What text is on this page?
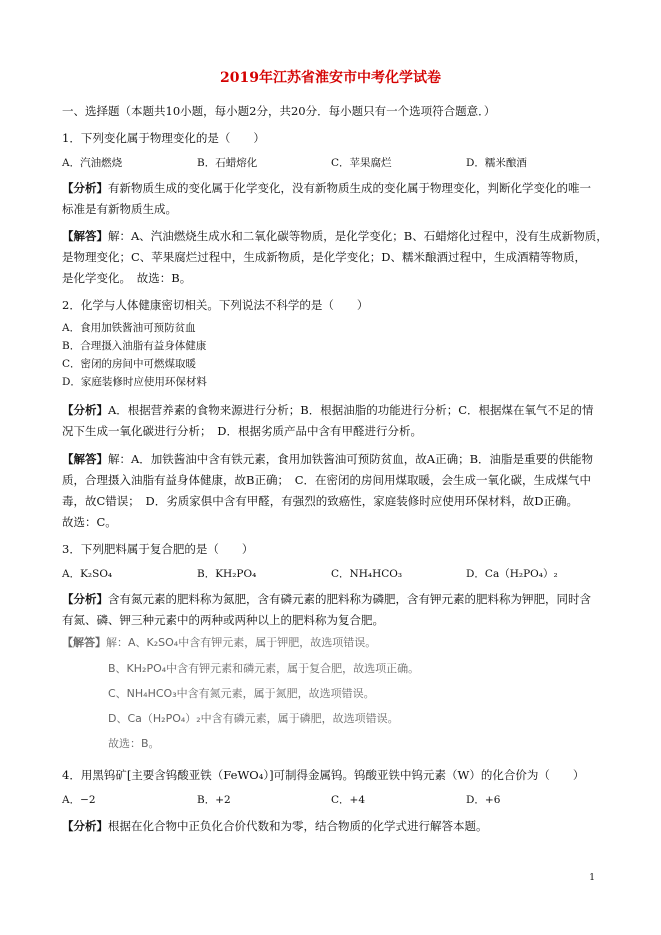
2019年江苏省淮安市中考化学试卷
一、选择题（本题共10小题，每小题2分，共20分．每小题只有一个选项符合题意．）
1．下列变化属于物理变化的是（　　）
A．汽油燃烧	B．石蜡熔化	C．苹果腐烂	D．糯米酿酒
【分析】有新物质生成的变化属于化学变化，没有新物质生成的变化属于物理变化，判断化学变化的唯一
标准是有新物质生成。
【解答】解：A、汽油燃烧生成水和二氧化碳等物质，是化学变化；B、石蜡熔化过程中，没有生成新物质，
是物理变化；C、苹果腐烂过程中，生成新物质，是化学变化；D、糯米酿酒过程中，生成酒精等物质，
是化学变化。　故选：B。
2．化学与人体健康密切相关。下列说法不科学的是（　　）
A．食用加铁酱油可预防贫血
B．合理摄入油脂有益身体健康
C．密闭的房间中可燃煤取暖
D．家庭装修时应使用环保材料
【分析】A．根据营养素的食物来源进行分析；B．根据油脂的功能进行分析；C．根据煤在氧气不足的情
况下生成一氧化碳进行分析；　D．根据劣质产品中含有甲醛进行分析。
【解答】解：A．加铁酱油中含有铁元素，食用加铁酱油可预防贫血，故A正确；B．油脂是重要的供能物
质，合理摄入油脂有益身体健康，故B正确；　C．在密闭的房间用煤取暖，会生成一氧化碳，生成煤气中
毒，故C错误；　D．劣质家俱中含有甲醛，有强烈的致癌性，家庭装修时应使用环保材料，故D正确。
故选：C。
3．下列肥料属于复合肥的是（　　）
A．K₂SO₄	B．KH₂PO₄	C．NH₄HCO₃	D．Ca（H₂PO₄）₂
【分析】含有氮元素的肥料称为氮肥，含有磷元素的肥料称为磷肥，含有钾元素的肥料称为钾肥，同时含
有氮、磷、钾三种元素中的两种或两种以上的肥料称为复合肥。
【解答】解：A、K₂SO₄中含有钾元素，属于钾肥，故选项错误。
B、KH₂PO₄中含有钾元素和磷元素，属于复合肥，故选项正确。
C、NH₄HCO₃中含有氮元素，属于氮肥，故选项错误。
D、Ca（H₂PO₄）₂中含有磷元素，属于磷肥，故选项错误。
故选：B。
4．用黑钨矿[主要含钨酸亚铁（FeWO₄）]可制得金属钨。钨酸亚铁中钨元素（W）的化合价为（　　）
A．−2	B．+2	C．+4	D．+6
【分析】根据在化合物中正负化合价代数和为零，结合物质的化学式进行解答本题。
1
